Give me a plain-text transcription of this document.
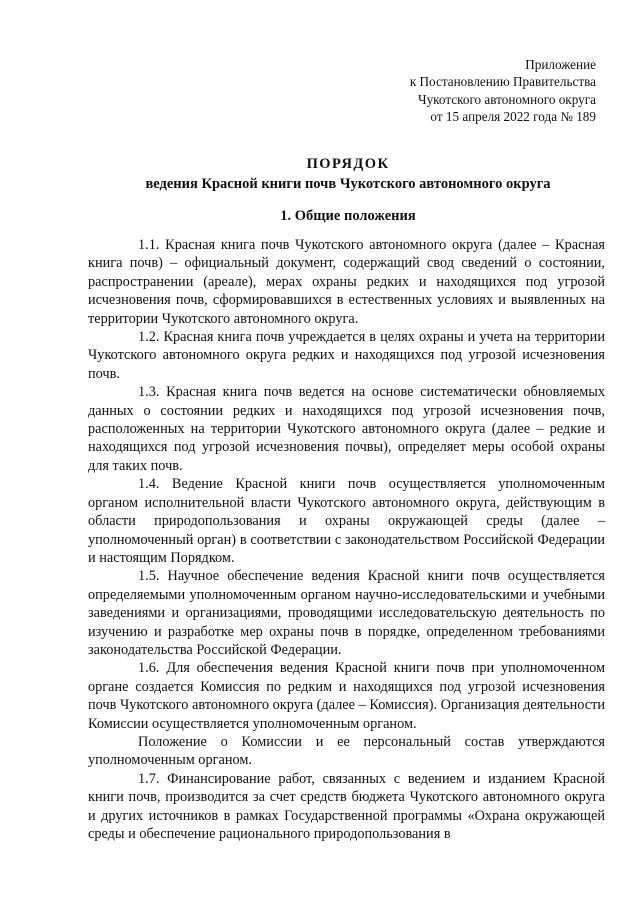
Приложение
к Постановлению Правительства
Чукотского автономного округа
от 15 апреля 2022 года № 189
ПОРЯДОК
ведения Красной книги почв Чукотского автономного округа
1. Общие положения

1.1. Красная книга почв Чукотского автономного округа (далее – Красная книга почв) – официальный документ, содержащий свод сведений о состоянии, распространении (ареале), мерах охраны редких и находящихся под угрозой исчезновения почв, сформировавшихся в естественных условиях и выявленных на территории Чукотского автономного округа.

1.2. Красная книга почв учреждается в целях охраны и учета на территории Чукотского автономного округа редких и находящихся под угрозой исчезновения почв.

1.3. Красная книга почв ведется на основе систематически обновляемых данных о состоянии редких и находящихся под угрозой исчезновения почв, расположенных на территории Чукотского автономного округа (далее – редкие и находящихся под угрозой исчезновения почвы), определяет меры особой охраны для таких почв.

1.4. Ведение Красной книги почв осуществляется уполномоченным органом исполнительной власти Чукотского автономного округа, действующим в области природопользования и охраны окружающей среды (далее – уполномоченный орган) в соответствии с законодательством Российской Федерации и настоящим Порядком.

1.5. Научное обеспечение ведения Красной книги почв осуществляется определяемыми уполномоченным органом научно-исследовательскими и учебными заведениями и организациями, проводящими исследовательскую деятельность по изучению и разработке мер охраны почв в порядке, определенном требованиями законодательства Российской Федерации.

1.6. Для обеспечения ведения Красной книги почв при уполномоченном органе создается Комиссия по редким и находящихся под угрозой исчезновения почв Чукотского автономного округа (далее – Комиссия). Организация деятельности Комиссии осуществляется уполномоченным органом.

Положение о Комиссии и ее персональный состав утверждаются уполномоченным органом.

1.7. Финансирование работ, связанных с ведением и изданием Красной книги почв, производится за счет средств бюджета Чукотского автономного округа и других источников в рамках Государственной программы «Охрана окружающей среды и обеспечение рационального природопользования в
